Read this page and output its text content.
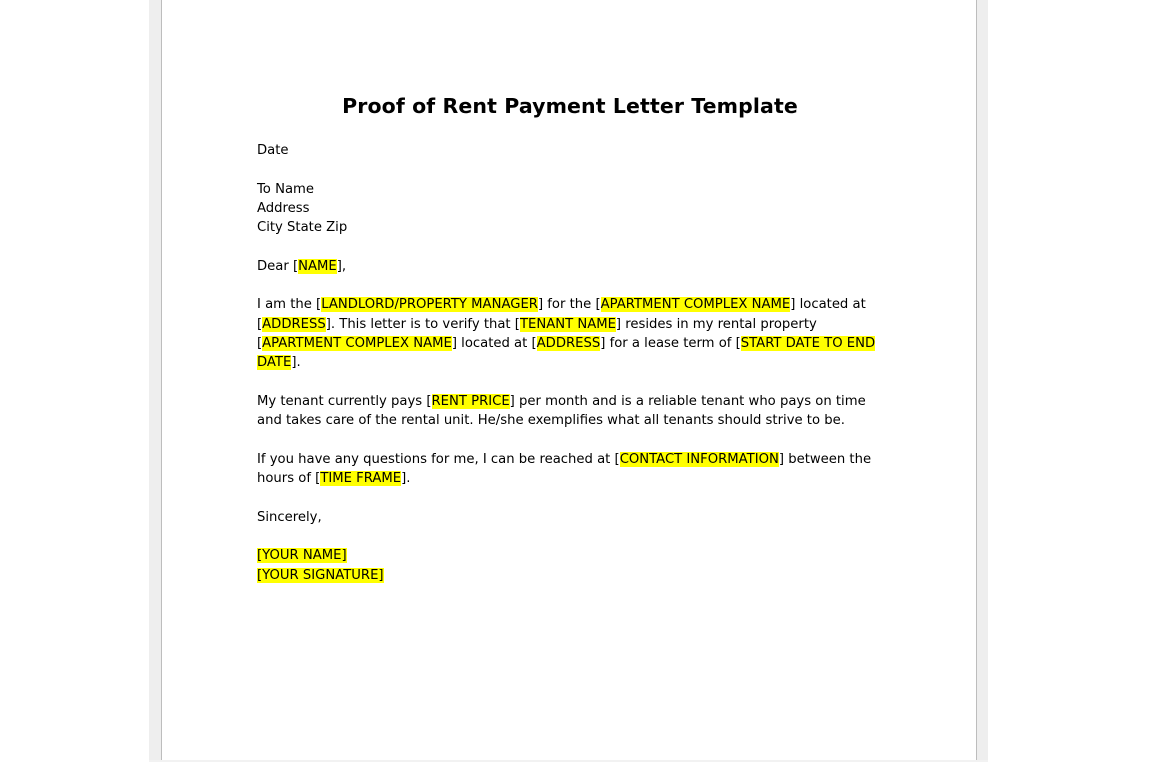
Proof of Rent Payment Letter Template

Date

To Name
Address
City State Zip

Dear [NAME],

I am the [LANDLORD/PROPERTY MANAGER] for the [APARTMENT COMPLEX NAME] located at [ADDRESS]. This letter is to verify that [TENANT NAME] resides in my rental property [APARTMENT COMPLEX NAME] located at [ADDRESS] for a lease term of [START DATE TO END DATE].

My tenant currently pays [RENT PRICE] per month and is a reliable tenant who pays on time and takes care of the rental unit. He/she exemplifies what all tenants should strive to be.

If you have any questions for me, I can be reached at [CONTACT INFORMATION] between the hours of [TIME FRAME].

Sincerely,

[YOUR NAME]
[YOUR SIGNATURE]
